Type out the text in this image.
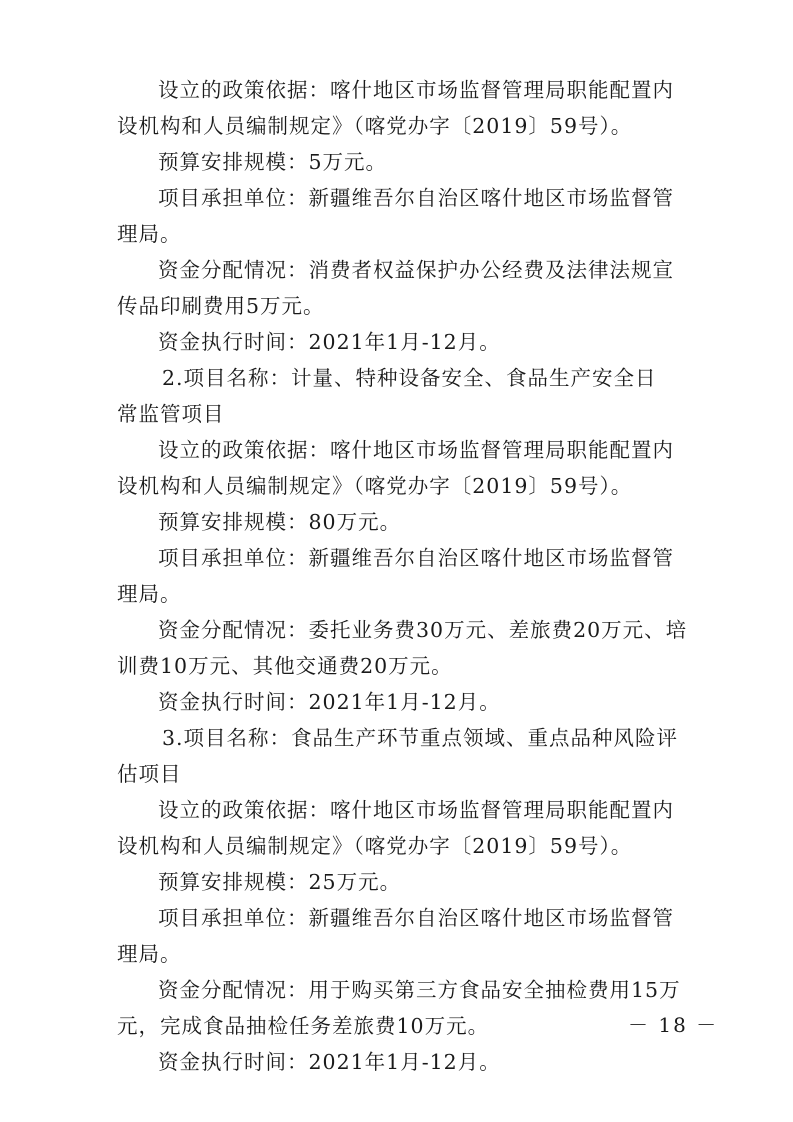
设立的政策依据：喀什地区市场监督管理局职能配置内
设机构和人员编制规定》（喀党办字〔2019〕59号）。
预算安排规模：5万元。
项目承担单位：新疆维吾尔自治区喀什地区市场监督管
理局。
资金分配情况：消费者权益保护办公经费及法律法规宣
传品印刷费用5万元。
资金执行时间：2021年1月-12月。
2.项目名称：计量、特种设备安全、食品生产安全日
常监管项目
设立的政策依据：喀什地区市场监督管理局职能配置内
设机构和人员编制规定》（喀党办字〔2019〕59号）。
预算安排规模：80万元。
项目承担单位：新疆维吾尔自治区喀什地区市场监督管
理局。
资金分配情况：委托业务费30万元、差旅费20万元、培
训费10万元、其他交通费20万元。
资金执行时间：2021年1月-12月。
3.项目名称：食品生产环节重点领域、重点品种风险评
估项目
设立的政策依据：喀什地区市场监督管理局职能配置内
设机构和人员编制规定》（喀党办字〔2019〕59号）。
预算安排规模：25万元。
项目承担单位：新疆维吾尔自治区喀什地区市场监督管
理局。
资金分配情况：用于购买第三方食品安全抽检费用15万
元，完成食品抽检任务差旅费10万元。
资金执行时间：2021年1月-12月。
－ 18 －
